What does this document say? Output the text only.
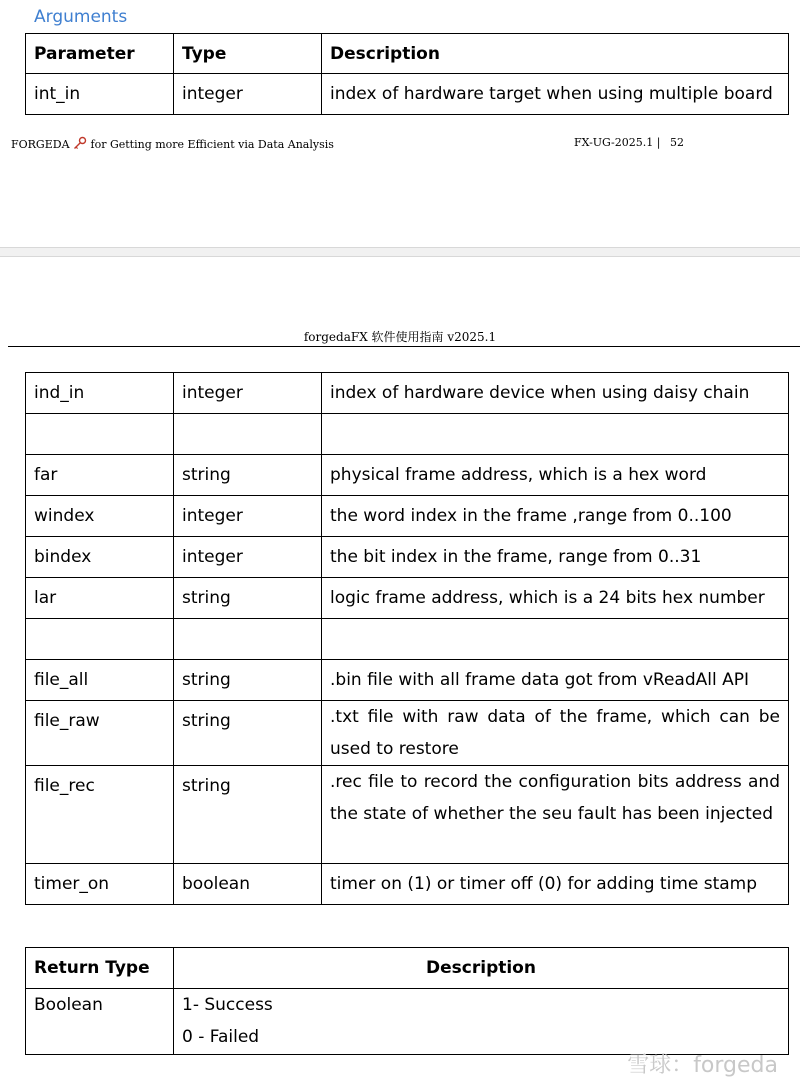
Arguments
Parameter	Type	Description
int_in	integer	index of hardware target when using multiple board
FORGEDA for Getting more Efficient via Data Analysis	FX-UG-2025.1 | 52
forgedaFX 软件使用指南 v2025.1
ind_in	integer	index of hardware device when using daisy chain

far	string	physical frame address, which is a hex word
windex	integer	the word index in the frame ,range from 0..100
bindex	integer	the bit index in the frame, range from 0..31
lar	string	logic frame address, which is a 24 bits hex number

file_all	string	.bin file with all frame data got from vReadAll API
file_raw	string	.txt file with raw data of the frame, which can be used to restore
file_rec	string	.rec file to record the configuration bits address and the state of whether the seu fault has been injected
timer_on	boolean	timer on (1) or timer off (0) for adding time stamp
Return Type	Description
Boolean	1- Success
0 - Failed
雪球：forgeda
